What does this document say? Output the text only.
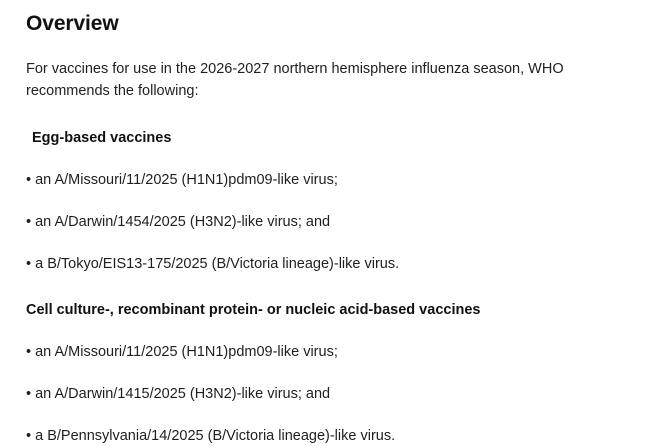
Overview

For vaccines for use in the 2026-2027 northern hemisphere influenza season, WHO recommends the following:

Egg-based vaccines

• an A/Missouri/11/2025 (H1N1)pdm09-like virus;

• an A/Darwin/1454/2025 (H3N2)-like virus; and

• a B/Tokyo/EIS13-175/2025 (B/Victoria lineage)-like virus.

Cell culture-, recombinant protein- or nucleic acid-based vaccines

• an A/Missouri/11/2025 (H1N1)pdm09-like virus;

• an A/Darwin/1415/2025 (H3N2)-like virus; and

• a B/Pennsylvania/14/2025 (B/Victoria lineage)-like virus.
